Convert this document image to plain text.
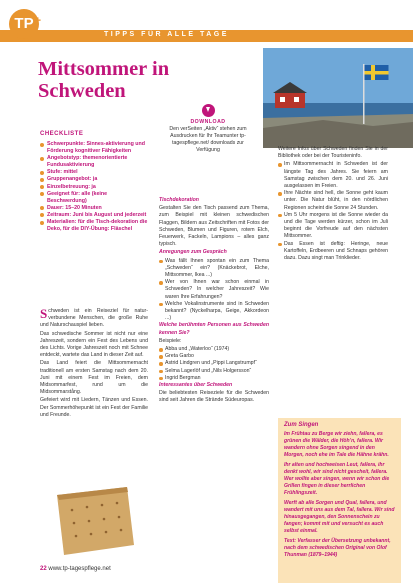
TIPPS FÜR ALLE TAGE
TP +
Mittsommer in
Schweden
DOWNLOAD
Den verSeiten „Aktiv“ stehen zum Ausdrucken für Ihr Teamunter tp-tagespflege.net/ downloads zur Verfügung
CHECKLISTE
Schwerpunkte: Sinnes-aktivierung und Förderung kognitiver Fähigkeiten
Angebotstyp: themenorientierte Fundusaktivierung
Stufe: mittel
Gruppenangebot: ja
Einzelbetreuung: ja
Geeignet für: alle (keine Beschwerdung)
Dauer: 15–20 Minuten
Zeitraum: Juni bis August und jederzeit
Materialien: für die Tisch-dekoration die Deko, für die DIY-Übung: Fläschel

Schweden ist ein Reiseziel für natur-verbundene Menschen, die große Ruhe und Naturschauspiel lieben.

Das schwedische Sommer ist nicht nur eine Jahreszeit, sondern ein Fest des Lebens und des Lichts. Vorige Jahreszeit noch mit Schnee entdeckt, wartete das Land in dieser Zeit auf.

Das Land feiert die Mittsommernacht traditionell am ersten Samstag nach dem 20. Juni mit einem Fest im Freien, dem Midsommarfest, rund um die Midsommarstång.

Gefeiert wird mit Liedern, Tänzen und Essen. Der Sommerhöhepunkt ist ein Fest der Familie und Freunde.

Tischdekoration

Gestalten Sie den Tisch passend zum Thema, zum Beispiel mit kleinen schwedischen Flaggen, Bildern aus Zeitschriften mit Fotos der Schweden, Blumen und Figuren, rotem Elch, Feuerwerk, Fackeln, Lampions – alles ganz typisch.

Anregungen zum Gespräch

Was fällt Ihnen spontan ein zum Thema „Schweden“ ein? (Knäckebrot, Elche, Mittsommer, Ikea ...)
Wer von Ihnen war schon einmal in Schweden? In welcher Jahreszeit? Wie waren Ihre Erfahrungen?
Welche Vokalinstrumente sind in Schweden bekannt? (Nyckelharpa, Geige, Akkordeon ...)

Welche berühmten Personen aus Schweden kennen Sie?

Beispiele:

Abba und „Waterloo“ (1974)
Greta Garbo
Astrid Lindgren und „Pippi Langstrumpf“
Selma Lagerlöf und „Nils Holgersson“
Ingrid Bergman

Interessantes über Schweden

Die beliebtesten Reiseziele für die Schweden sind seit Jahren die Strände Südeuropas.

Weitere Infos über Schweden finden Sie in der Bibliothek oder bei der Touristeninfo.

Im Mittsommernacht in Schweden ist der längste Tag des Jahres. Sie feiern am Samstag zwischen dem 20. und 26. Juni ausgelassen im Freien.
Ihre Nächte sind hell, die Sonne geht kaum unter. Die Natur blüht, in den nördlichen Regionen scheint die Sonne 24 Stunden.
Um 5 Uhr morgens ist die Sonne wieder da und die Tage werden kürzer, schon im Juli beginnt die Vorfreude auf den nächsten Mittsommer.
Das Essen ist deftig: Heringe, neue Kartoffeln, Erdbeeren und Schnaps gehören dazu. Dazu singt man Trinklieder.

Zum Singen

Im Frühtau zu Berge wir ziehn, fallera, es grünen die Wälder, die Höh’n, fallera. Wir wandern ohne Sorgen singend in den Morgen, noch ehe im Tale die Hähne krähn.

Ihr alten und hochweisen Leut, fallera, ihr denkt wohl, wir sind nicht gescheit, fallera. Wer wollte aber singen, wenn wir schon die Grillen fingen in dieser herrlichen Frühlingszeit.

Werft ab alle Sorgen und Qual, fallera, und wandert mit uns aus dem Tal, fallera. Wir sind hinausgegangen, den Sonnenschein zu fangen; kommt mit und versucht es auch selbst einmal.

Text: Verfasser der Übersetzung unbekannt, nach dem schwedischen Original von Olof Thunman (1879–1944)

22 www.tp-tagespflege.net
